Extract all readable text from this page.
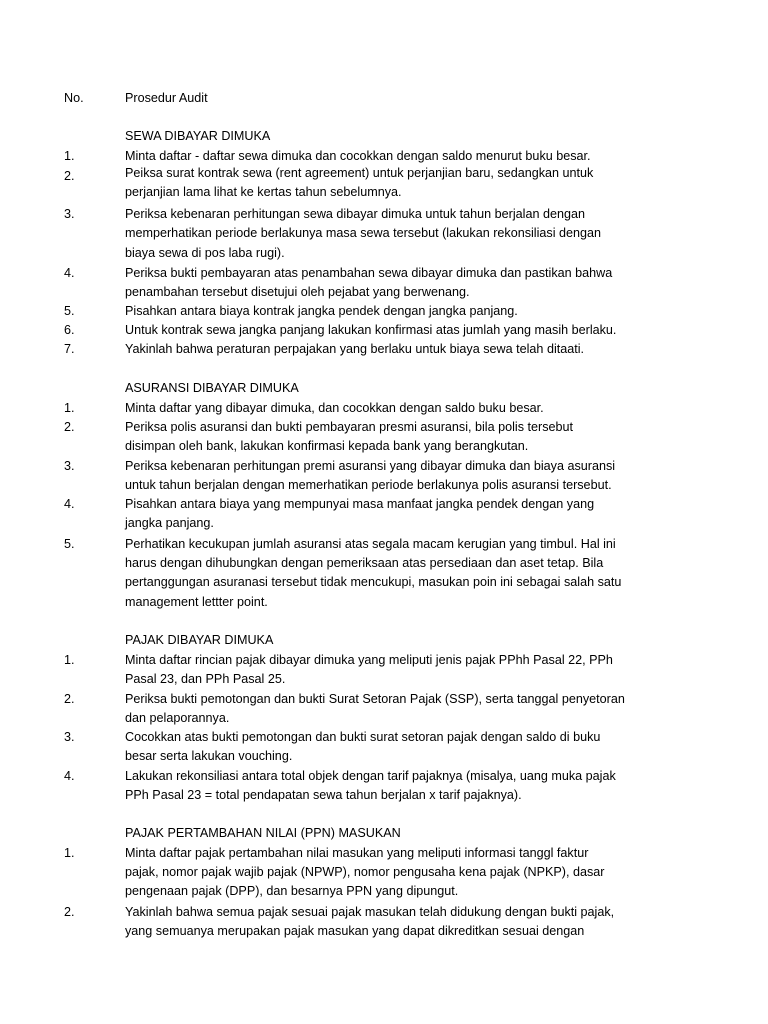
No.	Prosedur Audit
SEWA DIBAYAR DIMUKA
1.	Minta daftar - daftar sewa dimuka dan cocokkan dengan saldo menurut buku besar.
2.	Peiksa surat kontrak sewa (rent agreement) untuk perjanjian baru, sedangkan untuk
perjanjian lama lihat ke kertas tahun sebelumnya.
3.	Periksa kebenaran perhitungan sewa dibayar dimuka untuk tahun berjalan dengan
memperhatikan periode berlakunya masa sewa tersebut (lakukan rekonsiliasi dengan
biaya sewa di pos laba rugi).
4.	Periksa bukti pembayaran atas penambahan sewa dibayar dimuka dan pastikan bahwa
penambahan tersebut disetujui oleh pejabat yang berwenang.
5.	Pisahkan antara biaya kontrak jangka pendek dengan jangka panjang.
6.	Untuk kontrak sewa jangka panjang lakukan konfirmasi atas jumlah yang masih berlaku.
7.	Yakinlah bahwa peraturan perpajakan yang berlaku untuk biaya sewa telah ditaati.
ASURANSI DIBAYAR DIMUKA
1.	Minta daftar yang dibayar dimuka, dan cocokkan dengan saldo buku besar.
2.	Periksa polis asuransi dan bukti pembayaran presmi asuransi, bila polis tersebut
disimpan oleh bank, lakukan konfirmasi kepada bank yang berangkutan.
3.	Periksa kebenaran perhitungan premi asuransi yang dibayar dimuka dan biaya asuransi
untuk tahun berjalan dengan memerhatikan periode berlakunya polis asuransi tersebut.
4.	Pisahkan antara biaya yang mempunyai masa manfaat jangka pendek dengan yang
jangka panjang.
5.	Perhatikan kecukupan jumlah asuransi atas segala macam kerugian yang timbul. Hal ini
harus dengan dihubungkan dengan pemeriksaan atas persediaan dan aset tetap. Bila
pertanggungan asuranasi tersebut tidak mencukupi, masukan poin ini sebagai salah satu
management lettter point.
PAJAK DIBAYAR DIMUKA
1.	Minta daftar rincian pajak dibayar dimuka yang meliputi jenis pajak PPhh Pasal 22, PPh
Pasal 23, dan PPh Pasal 25.
2.	Periksa bukti pemotongan dan bukti Surat Setoran Pajak (SSP), serta tanggal penyetoran
dan pelaporannya.
3.	Cocokkan atas bukti pemotongan dan bukti surat setoran pajak dengan saldo di buku
besar serta lakukan vouching.
4.	Lakukan rekonsiliasi antara total objek dengan tarif pajaknya (misalya, uang muka pajak
PPh Pasal 23 = total pendapatan sewa tahun berjalan x tarif pajaknya).
PAJAK PERTAMBAHAN NILAI (PPN) MASUKAN
1.	Minta daftar pajak pertambahan nilai masukan yang meliputi informasi tanggl faktur
pajak, nomor pajak wajib pajak (NPWP), nomor pengusaha kena pajak (NPKP), dasar
pengenaan pajak (DPP), dan besarnya PPN yang dipungut.
2.	Yakinlah bahwa semua pajak sesuai pajak masukan telah didukung dengan bukti pajak,
yang semuanya merupakan pajak masukan yang dapat dikreditkan sesuai dengan
